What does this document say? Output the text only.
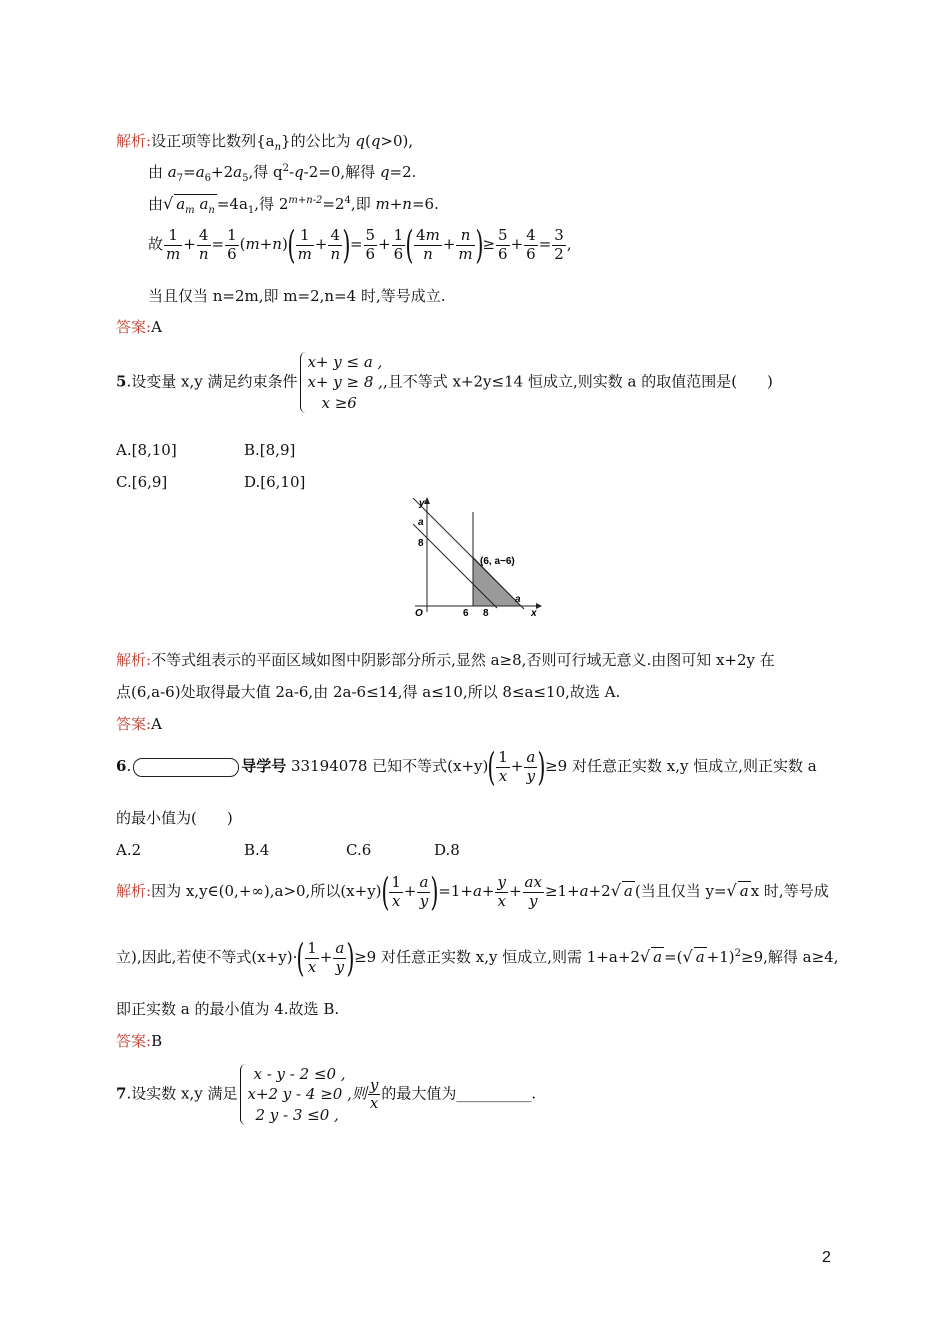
解析:设正项等比数列$\{a_n\}$的公比为 q(q>0),
由 $a_7=a_6+2a_5$,得 $q^2-q-2=0$,解得 q=2.
由√ $a_m$ $a_n =4a_1$,得 $2^{m+n-2}=2^4$,即 m+n=6.
故 $\frac{1}{m} + \frac{4}{n} = \frac{1}{6} (m+n)( \frac{1}{m} + \frac{4}{n}$ )= $\frac{5}{6} + \frac{1}{6}$ ( $\frac{4m}{n} + \frac{n}{m}$ )≥ $\frac{5}{6} + \frac{4}{6} = \frac{3}{2}$ ,
当且仅当 n=2m,即 m=2,n=4 时,等号成立.
答案:A
5.设变量 x,y 满足约束条件x+ y ≤ a ,
x+ y ≥ 8 ,
x ≥6,且不等式 x+2y≤14 恒成立,则实数 a 的取值范围是(　　)
A.[8,10]	B.[8,9]
C.[6,9]	D.[6,10]
y
x
O
a
8
6 8
a
(6, a−6)
解析:不等式组表示的平面区域如图中阴影部分所示,显然 a≥8,否则可行域无意义.由图可知 x+2y 在
点(6,a-6)处取得最大值 2a-6,由 2a-6≤14,得 a≤10,所以 8≤a≤10,故选 A.
答案:A
6.	导学号 33194078 已知不等式$(x+y)( \frac{1}{x} + \frac{a}{y} )\ge 9$ 对任意正实数 x,y 恒成立,则正实数 a
的最小值为(　　)
A.2	B.4	C.6	D.8
解析:因为 x,y∈(0,+∞),a>0,所以$(x+y)( \frac{1}{x} + \frac{a}{y} )=1+a+ \frac{y}{x} + \frac{ax}{y} \ge 1+a+2√$ a (当且仅当 y=√ a x 时,等号成
立),因此,若使不等式$(x+y)\cdot( \frac{1}{x} + \frac{a}{y} )\ge 9$ 对任意正实数 x,y 恒成立,则需 1+a+2√ a =(√ a +1)$^2$≥9,解得 a≥4,
即正实数 a 的最小值为 4.故选 B.
答案:B
7.设实数 x,y 满足x - y - 2 ≤0 ,
x+2 y - 4 ≥0 ,
2 y - 3 ≤0 ,则 $\frac{y}{x}$ 的最大值为__________.
2
